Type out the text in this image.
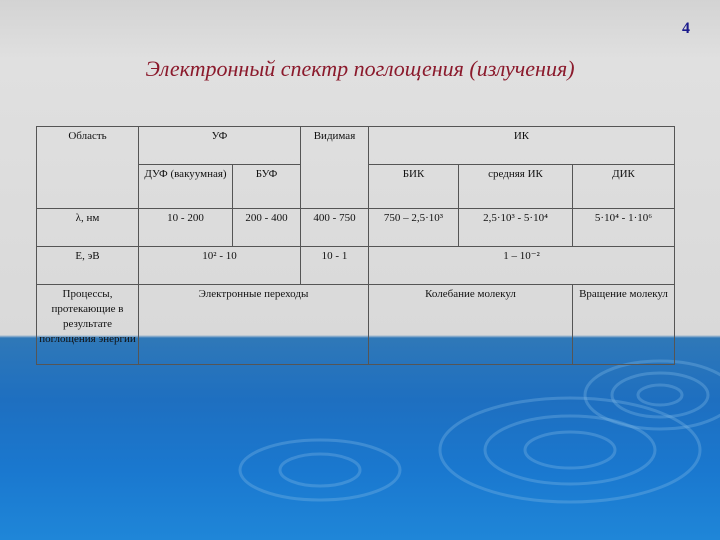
4
Электронный спектр поглощения (излучения)
Область	УФ		Видимая	ИК		
	ДУФ (вакуумная)	БУФ		БИК	средняя ИК	ДИК
λ, нм	10 - 200	200 - 400	400 - 750	750 – 2,5·10³	2,5·10³ - 5·10⁴	5·10⁴ - 1·10⁶
Е, эВ	10² - 10		10 - 1	1 – 10⁻²		
Процессы, протекающие в результате поглощения энергии	Электронные переходы			Колебание молекул		Вращение молекул
